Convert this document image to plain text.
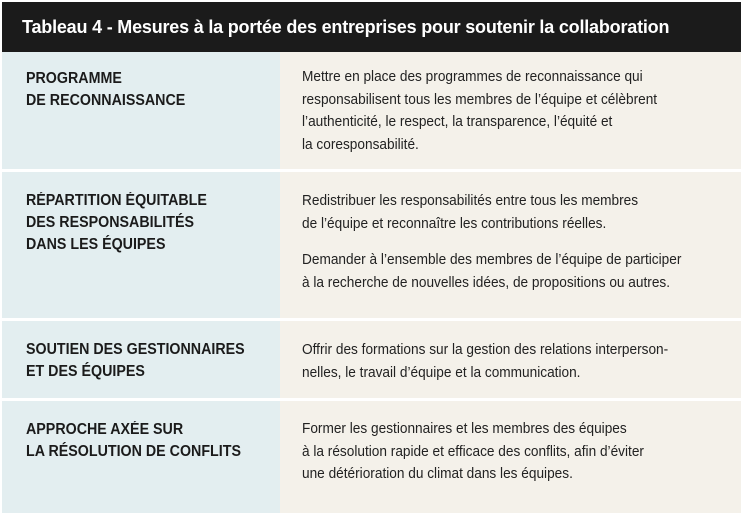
Tableau 4 - Mesures à la portée des entreprises pour soutenir la collaboration
PROGRAMME
DE RECONNAISSANCE
Mettre en place des programmes de reconnaissance qui
responsabilisent tous les membres de l’équipe et célèbrent
l’authenticité, le respect, la transparence, l’équité et
la coresponsabilité.
RÉPARTITION ÉQUITABLE
DES RESPONSABILITÉS
DANS LES ÉQUIPES
Redistribuer les responsabilités entre tous les membres
de l’équipe et reconnaître les contributions réelles.
Demander à l’ensemble des membres de l’équipe de participer
à la recherche de nouvelles idées, de propositions ou autres.
SOUTIEN DES GESTIONNAIRES
ET DES ÉQUIPES
Offrir des formations sur la gestion des relations interperson-
nelles, le travail d’équipe et la communication.
APPROCHE AXÉE SUR
LA RÉSOLUTION DE CONFLITS
Former les gestionnaires et les membres des équipes
à la résolution rapide et efficace des conflits, afin d’éviter
une détérioration du climat dans les équipes.
